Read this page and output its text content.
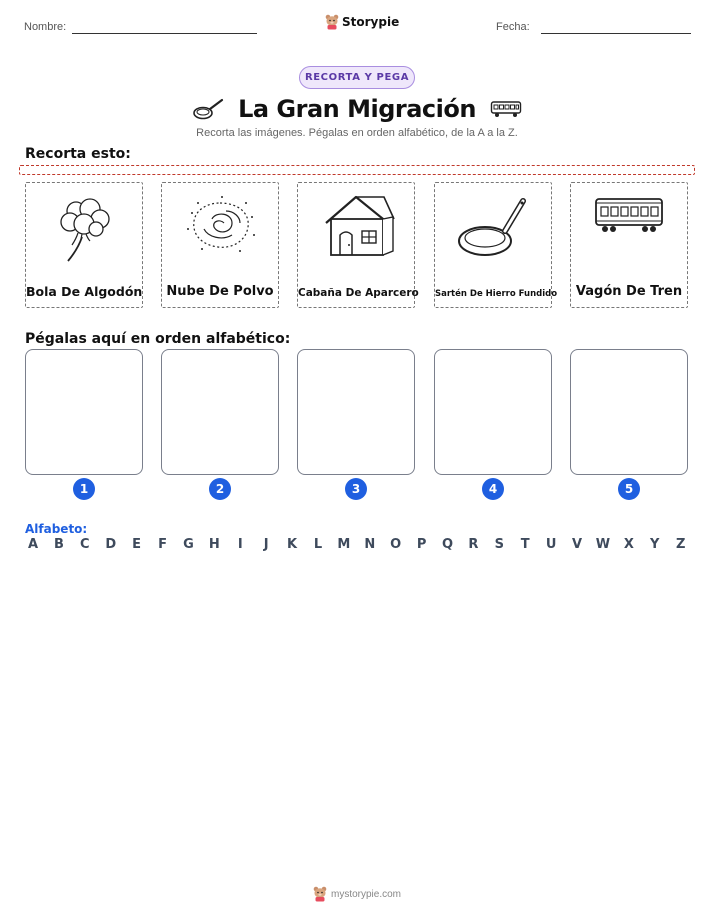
Nombre:	Storypie	Fecha:
RECORTA Y PEGA
La Gran Migración
Recorta las imágenes. Pégalas en orden alfabético, de la A a la Z.
Recorta esto:
Bola De Algodón	Nube De Polvo	Cabaña De Aparcero Sartén De Hierro Fundido	Vagón De Tren
Pégalas aquí en orden alfabético:
1	2	3	4	5
Alfabeto:
A B C D E F G H	I	J	K L M N O P Q R S T U V W X Y Z
mystorypie.com
